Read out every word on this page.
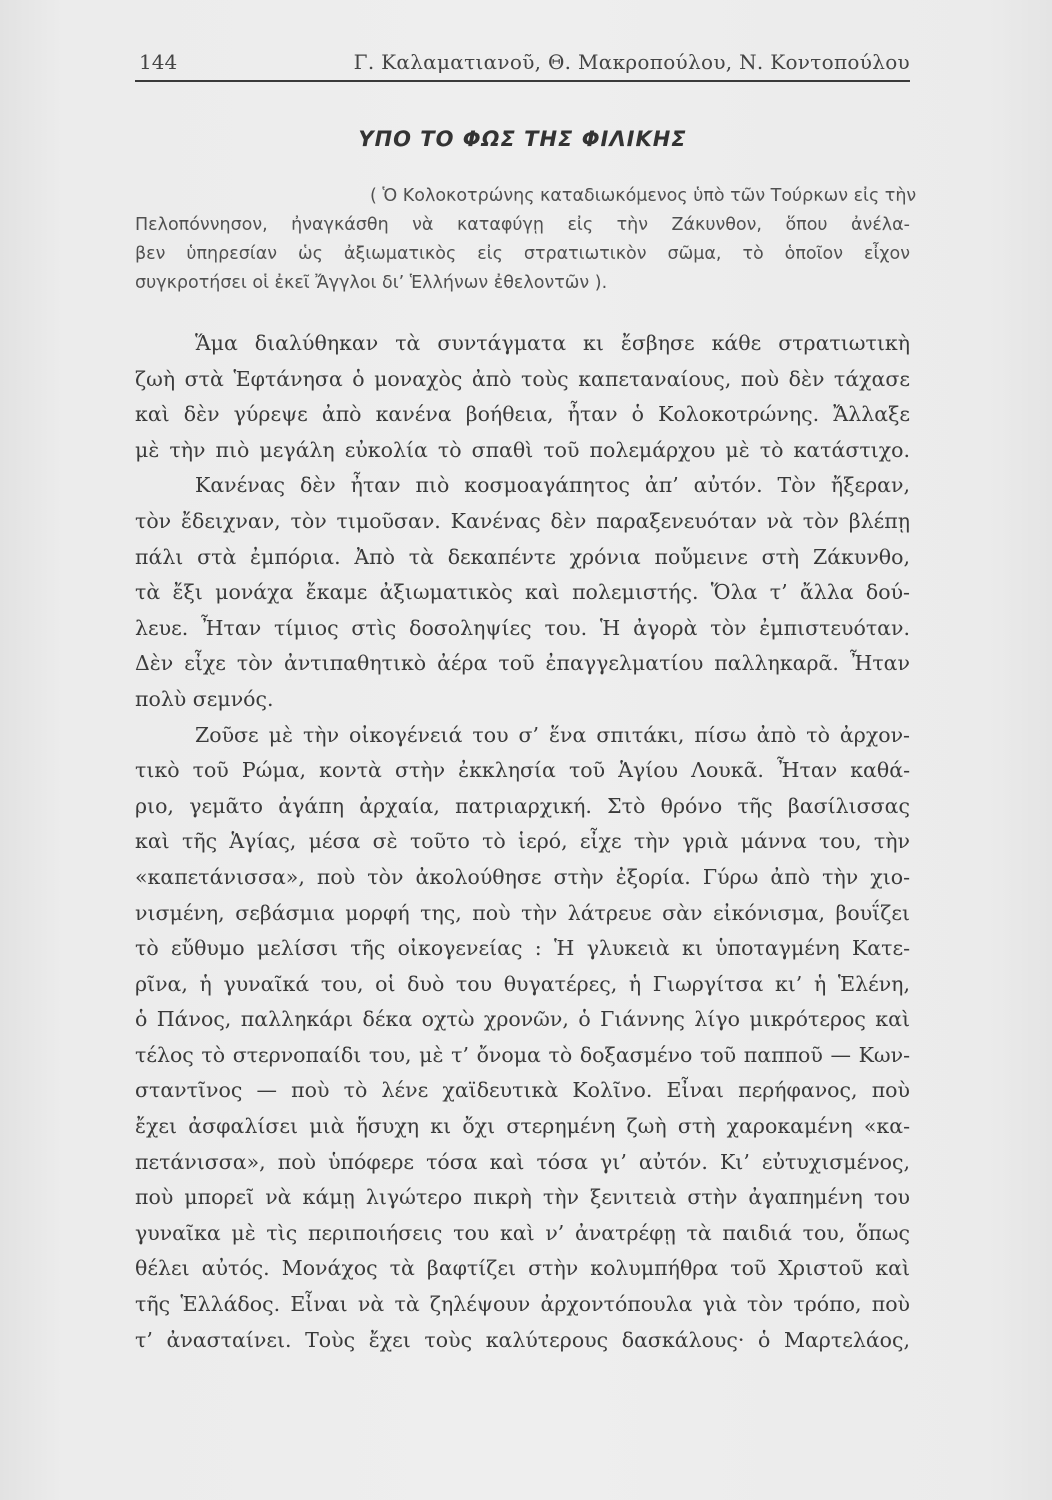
144	Γ. Καλαματιανοῦ, Θ. Μακροπούλου, Ν. Κοντοπούλου
ΥΠΟ ΤΟ ΦΩΣ ΤΗΣ ΦΙΛΙΚΗΣ
( Ὁ Κολοκοτρώνης καταδιωκόμενος ὑπὸ τῶν Τούρκων εἰς τὴν
Πελοπόννησον, ἠναγκάσθη νὰ καταφύγῃ εἰς τὴν Ζάκυνθον, ὅπου ἀνέλα-
βεν ὑπηρεσίαν ὡς ἀξιωματικὸς εἰς στρατιωτικὸν σῶμα, τὸ ὁποῖον εἶχον
συγκροτήσει οἱ ἐκεῖ Ἄγγλοι δι’ Ἑλλήνων ἐθελοντῶν ).
Ἅμα διαλύθηκαν τὰ συντάγματα κι ἔσβησε κάθε στρατιωτικὴ
ζωὴ στὰ Ἑφτάνησα ὁ μοναχὸς ἀπὸ τοὺς καπεταναίους, ποὺ δὲν τάχασε
καὶ δὲν γύρεψε ἀπὸ κανένα βοήθεια, ἦταν ὁ Κολοκοτρώνης. Ἄλλαξε
μὲ τὴν πιὸ μεγάλη εὐκολία τὸ σπαθὶ τοῦ πολεμάρχου μὲ τὸ κατάστιχο.
Κανένας δὲν ἦταν πιὸ κοσμοαγάπητος ἀπ’ αὐτόν. Τὸν ἤξεραν,
τὸν ἔδειχναν, τὸν τιμοῦσαν. Κανένας δὲν παραξενευόταν νὰ τὸν βλέπῃ
πάλι στὰ ἐμπόρια. Ἀπὸ τὰ δεκαπέντε χρόνια ποὔμεινε στὴ Ζάκυνθο,
τὰ ἔξι μονάχα ἔκαμε ἀξιωματικὸς καὶ πολεμιστής. Ὅλα τ’ ἄλλα δού-
λευε. Ἦταν τίμιος στὶς δοσοληψίες του. Ἡ ἀγορὰ τὸν ἐμπιστευόταν.
Δὲν εἶχε τὸν ἀντιπαθητικὸ ἀέρα τοῦ ἐπαγγελματίου παλληκαρᾶ. Ἦταν
πολὺ σεμνός.
Ζοῦσε μὲ τὴν οἰκογένειά του σ’ ἕνα σπιτάκι, πίσω ἀπὸ τὸ ἀρχον-
τικὸ τοῦ Ρώμα, κοντὰ στὴν ἐκκλησία τοῦ Ἁγίου Λουκᾶ. Ἦταν καθά-
ριο, γεμᾶτο ἀγάπη ἀρχαία, πατριαρχική. Στὸ θρόνο τῆς βασίλισσας
καὶ τῆς Ἁγίας, μέσα σὲ τοῦτο τὸ ἱερό, εἶχε τὴν γριὰ μάννα του, τὴν
«καπετάνισσα», ποὺ τὸν ἀκολούθησε στὴν ἐξορία. Γύρω ἀπὸ τὴν χιο-
νισμένη, σεβάσμια μορφή της, ποὺ τὴν λάτρευε σὰν εἰκόνισμα, βουΐζει
τὸ εὔθυμο μελίσσι τῆς οἰκογενείας : Ἡ γλυκειὰ κι ὑποταγμένη Κατε-
ρῖνα, ἡ γυναῖκά του, οἱ δυὸ του θυγατέρες, ἡ Γιωργίτσα κι’ ἡ Ἑλένη,
ὁ Πάνος, παλληκάρι δέκα οχτὼ χρονῶν, ὁ Γιάννης λίγο μικρότερος καὶ
τέλος τὸ στερνοπαίδι του, μὲ τ’ ὄνομα τὸ δοξασμένο τοῦ παπποῦ — Κων-
σταντῖνος — ποὺ τὸ λένε χαϊδευτικὰ Κολῖνο. Εἶναι περήφανος, ποὺ
ἔχει ἀσφαλίσει μιὰ ἥσυχη κι ὄχι στερημένη ζωὴ στὴ χαροκαμένη «κα-
πετάνισσα», ποὺ ὑπόφερε τόσα καὶ τόσα γι’ αὐτόν. Κι’ εὐτυχισμένος,
ποὺ μπορεῖ νὰ κάμῃ λιγώτερο πικρὴ τὴν ξενιτειὰ στὴν ἀγαπημένη του
γυναῖκα μὲ τὶς περιποιήσεις του καὶ ν’ ἀνατρέφῃ τὰ παιδιά του, ὅπως
θέλει αὐτός. Μονάχος τὰ βαφτίζει στὴν κολυμπήθρα τοῦ Χριστοῦ καὶ
τῆς Ἑλλάδος. Εἶναι νὰ τὰ ζηλέψουν ἀρχοντόπουλα γιὰ τὸν τρόπο, ποὺ
τ’ ἀνασταίνει. Τοὺς ἔχει τοὺς καλύτερους δασκάλους· ὁ Μαρτελάος,
